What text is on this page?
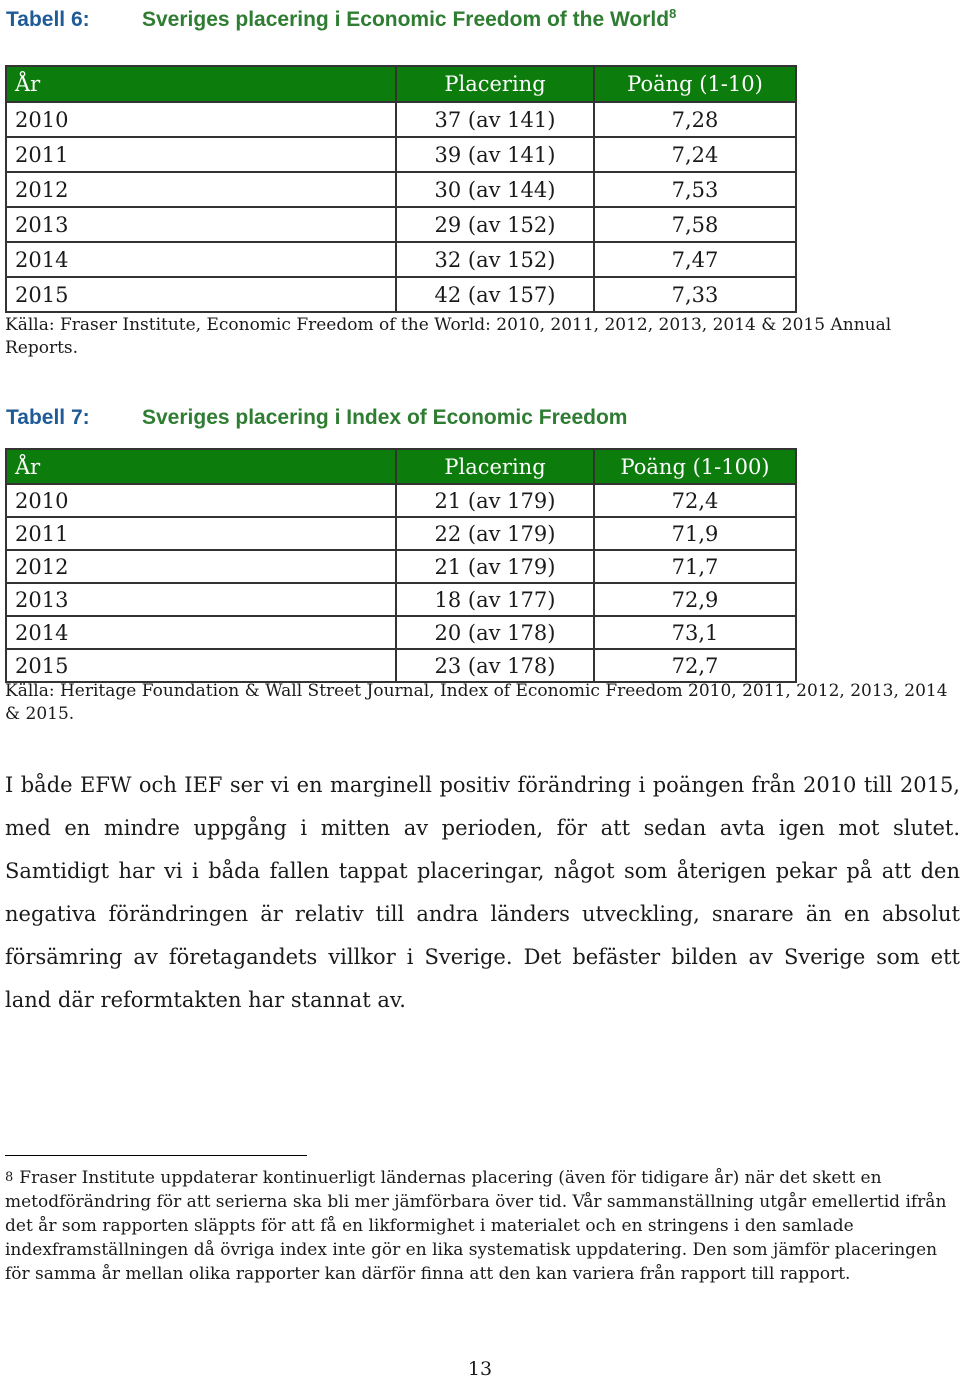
Tabell 6: Sveriges placering i Economic Freedom of the World$^8$
År	Placering	Poäng (1-10)
2010	37 (av 141)	7,28
2011	39 (av 141)	7,24
2012	30 (av 144)	7,53
2013	29 (av 152)	7,58
2014	32 (av 152)	7,47
2015	42 (av 157)	7,33
Källa: Fraser Institute, Economic Freedom of the World: 2010, 2011, 2012, 2013, 2014 & 2015 Annual Reports.
Tabell 7: Sveriges placering i Index of Economic Freedom
År	Placering	Poäng (1-100)
2010	21 (av 179)	72,4
2011	22 (av 179)	71,9
2012	21 (av 179)	71,7
2013	18 (av 177)	72,9
2014	20 (av 178)	73,1
2015	23 (av 178)	72,7
Källa: Heritage Foundation & Wall Street Journal, Index of Economic Freedom 2010, 2011, 2012, 2013, 2014 & 2015.
I både EFW och IEF ser vi en marginell positiv förändring i poängen från 2010 till 2015, med en mindre uppgång i mitten av perioden, för att sedan avta igen mot slutet. Samtidigt har vi i båda fallen tappat placeringar, något som återigen pekar på att den negativa förändringen är relativ till andra länders utveckling, snarare än en absolut försämring av företagandets villkor i Sverige. Det befäster bilden av Sverige som ett land där reformtakten har stannat av.
8 Fraser Institute uppdaterar kontinuerligt ländernas placering (även för tidigare år) när det skett en metodförändring för att serierna ska bli mer jämförbara över tid. Vår sammanställning utgår emellertid ifrån det år som rapporten släppts för att få en likformighet i materialet och en stringens i den samlade indexframställningen då övriga index inte gör en lika systematisk uppdatering. Den som jämför placeringen för samma år mellan olika rapporter kan därför finna att den kan variera från rapport till rapport.
13
